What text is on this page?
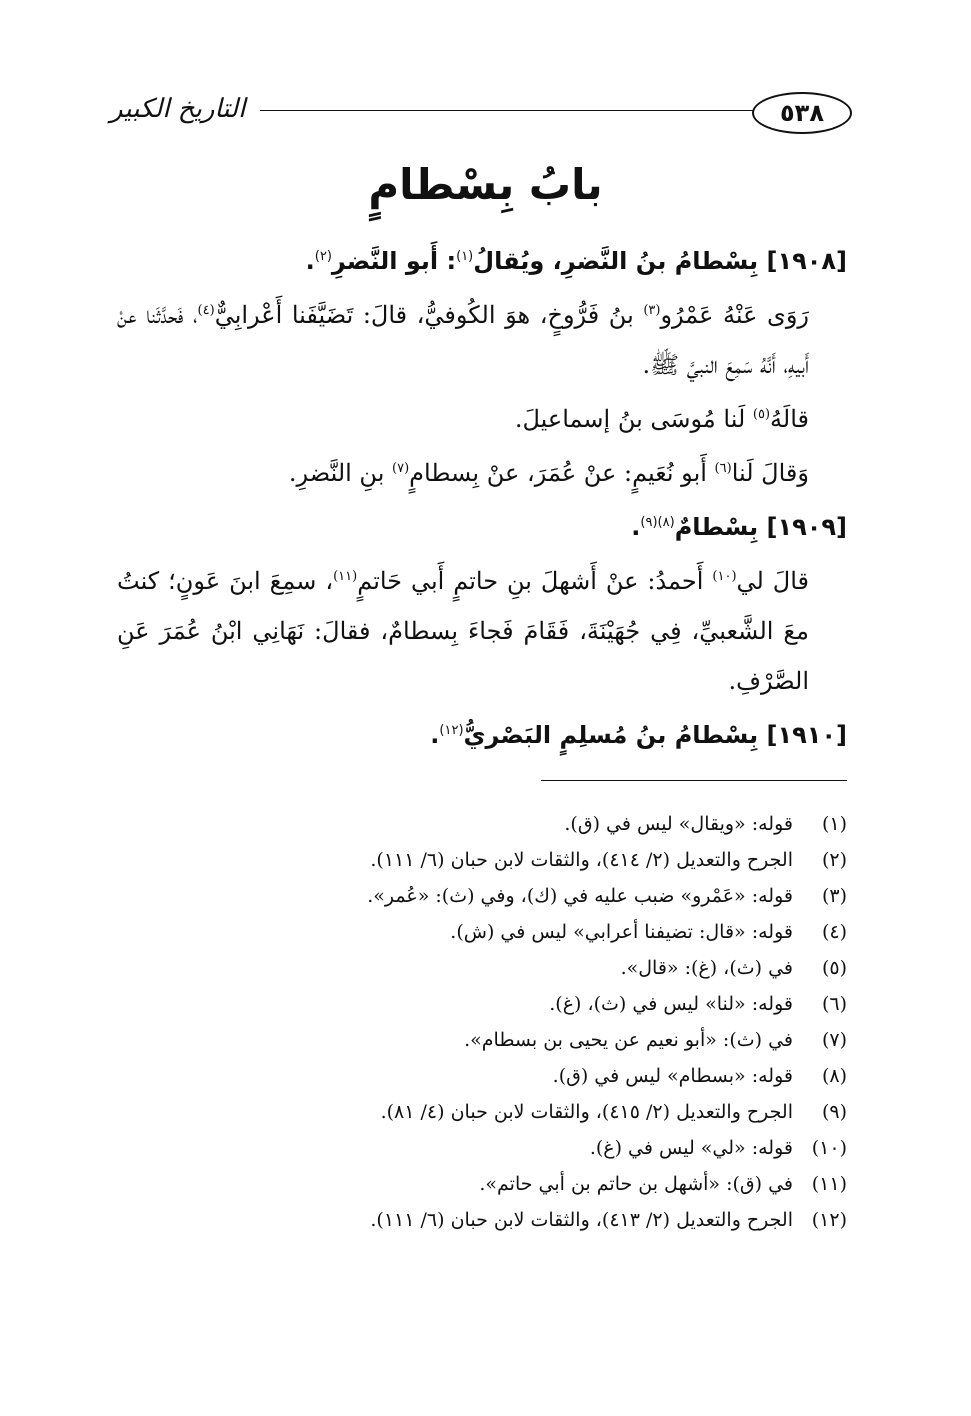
٥٣٨
التاريخ الكبير
بابُ بِسْطامٍ

[١٩٠٨] بِسْطامُ بنُ النَّضرِ، ويُقالُ$^{(١)}$: أَبو النَّضرِ$^{(٢)}$.

رَوَى عَنْهُ عَمْرُو$^{(٣)}$ بنُ فَرُّوخٍ، هوَ الكُوفيُّ، قالَ: تَضَيَّفَنا أَعْرابِيٌّ$^{(٤)}$، فَحدَّثَنا عنْ أَبيهِ، أَنَّهُ سَمِعَ النبيَّ ﷺ.

قالَهُ$^{(٥)}$ لَنا مُوسَى بنُ إسماعيلَ.

وَقالَ لَنا$^{(٦)}$ أَبو نُعَيمٍ: عنْ عُمَرَ، عنْ بِسطامٍ$^{(٧)}$ بنِ النَّضرِ.

[١٩٠٩] بِسْطامٌ$^{(٨)(٩)}$.

قالَ لي$^{(١٠)}$ أَحمدُ: عنْ أَشهلَ بنِ حاتمٍ أَبي حَاتمٍ$^{(١١)}$، سمِعَ ابنَ عَونٍ؛ كنتُ معَ الشَّعبيِّ، فِي جُهَيْنَةَ، فَقَامَ فَجاءَ بِسطامٌ، فقالَ: نَهَانِي ابْنُ عُمَرَ عَنِ الصَّرْفِ.

[١٩١٠] بِسْطامُ بنُ مُسلِمٍ البَصْريُّ$^{(١٢)}$.

(١)
قوله: «ويقال» ليس في (ق).
(٢)
الجرح والتعديل (٢/ ٤١٤)، والثقات لابن حبان (٦/ ١١١).
(٣)
قوله: «عَمْرو» ضبب عليه في (ك)، وفي (ث): «عُمر».
(٤)
قوله: «قال: تضيفنا أعرابي» ليس في (ش).
(٥)
في (ث)، (غ): «قال».
(٦)
قوله: «لنا» ليس في (ث)، (غ).
(٧)
في (ث): «أبو نعيم عن يحيى بن بسطام».
(٨)
قوله: «بسطام» ليس في (ق).
(٩)
الجرح والتعديل (٢/ ٤١٥)، والثقات لابن حبان (٤/ ٨١).
(١٠)
قوله: «لي» ليس في (غ).
(١١)
في (ق): «أشهل بن حاتم بن أبي حاتم».
(١٢)
الجرح والتعديل (٢/ ٤١٣)، والثقات لابن حبان (٦/ ١١١).
